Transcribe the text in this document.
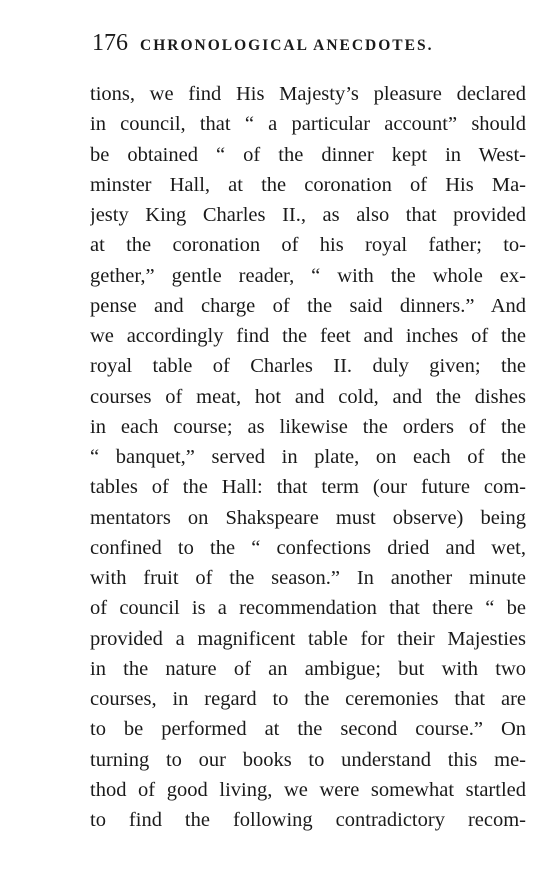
176 CHRONOLOGICAL ANECDOTES.
tions, we find His Majesty’s pleasure declared
in council, that “ a particular account” should
be obtained “ of the dinner kept in West-
minster Hall, at the coronation of His Ma-
jesty King Charles II., as also that provided
at the coronation of his royal father; to-
gether,” gentle reader, “ with the whole ex-
pense and charge of the said dinners.” And
we accordingly find the feet and inches of the
royal table of Charles II. duly given; the
courses of meat, hot and cold, and the dishes
in each course; as likewise the orders of the
“ banquet,” served in plate, on each of the
tables of the Hall: that term (our future com-
mentators on Shakspeare must observe) being
confined to the “ confections dried and wet,
with fruit of the season.” In another minute
of council is a recommendation that there “ be
provided a magnificent table for their Majesties
in the nature of an ambigue; but with two
courses, in regard to the ceremonies that are
to be performed at the second course.” On
turning to our books to understand this me-
thod of good living, we were somewhat startled
to find the following contradictory recom-
